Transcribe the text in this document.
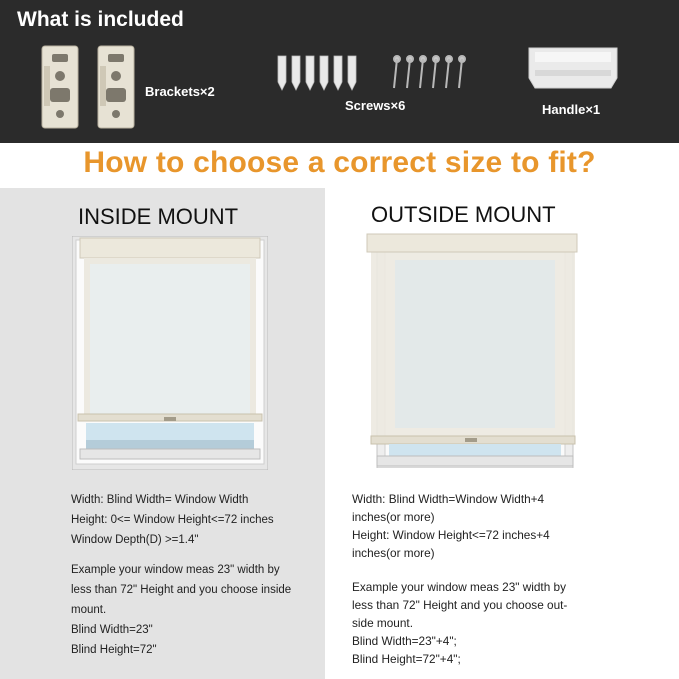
What is included
Brackets×2
Screws×6	Handle×1
How to choose a correct size to fit?
INSIDE MOUNT

Width: Blind Width= Window Width

Height: 0<= Window Height<=72 inches

Window Depth(D) >=1.4"

Example your window meas 23" width by

less than 72" Height and you choose inside

mount.

Blind Width=23"

Blind Height=72"

OUTSIDE MOUNT

Width: Blind Width=Window Width+4

inches(or more)

Height: Window Height<=72 inches+4

inches(or more)

Example your window meas 23" width by

less than 72" Height and you choose out-

side mount.

Blind Width=23"+4";

Blind Height=72"+4";
